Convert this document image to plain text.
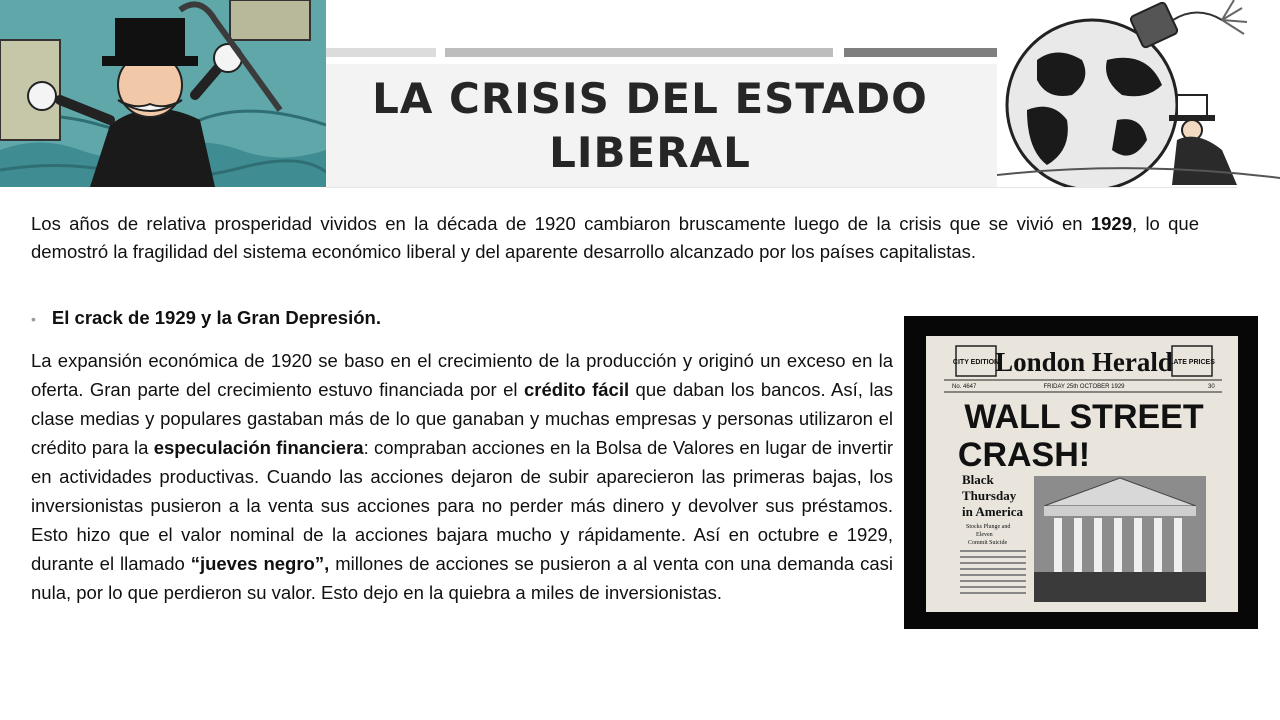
LA CRISIS DEL ESTADO
LIBERAL
Los años de relativa prosperidad vividos en la década de 1920 cambiaron bruscamente luego de la crisis que se vivió en 1929, lo que demostró la fragilidad del sistema económico liberal y del aparente desarrollo alcanzado por los países capitalistas.
• El crack de 1929 y la Gran Depresión.
La expansión económica de 1920 se baso en el crecimiento de la producción y originó un exceso en la oferta. Gran parte del crecimiento estuvo financiada por el crédito fácil que daban los bancos. Así, las clase medias y populares gastaban más de lo que ganaban y muchas empresas y personas utilizaron el crédito para la especulación financiera: compraban acciones en la Bolsa de Valores en lugar de invertir en actividades productivas. Cuando las acciones dejaron de subir aparecieron las primeras bajas, los inversionistas pusieron a la venta sus acciones para no perder más dinero y devolver sus préstamos. Esto hizo que el valor nominal de la acciones bajara mucho y rápidamente. Así en octubre e 1929, durante el llamado “jueves negro”, millones de acciones se pusieron a al venta con una demanda casi nula, por lo que perdieron su valor. Esto dejo en la quiebra a miles de inversionistas.
CITY EDITION
London Herald
LATE PRICES
No. 4647	FRIDAY 25th OCTOBER 1929	30
WALL STREET
CRASH!
Black
Thursday
in America
Stocks Plunge and
Eleven
Commit Suicide
